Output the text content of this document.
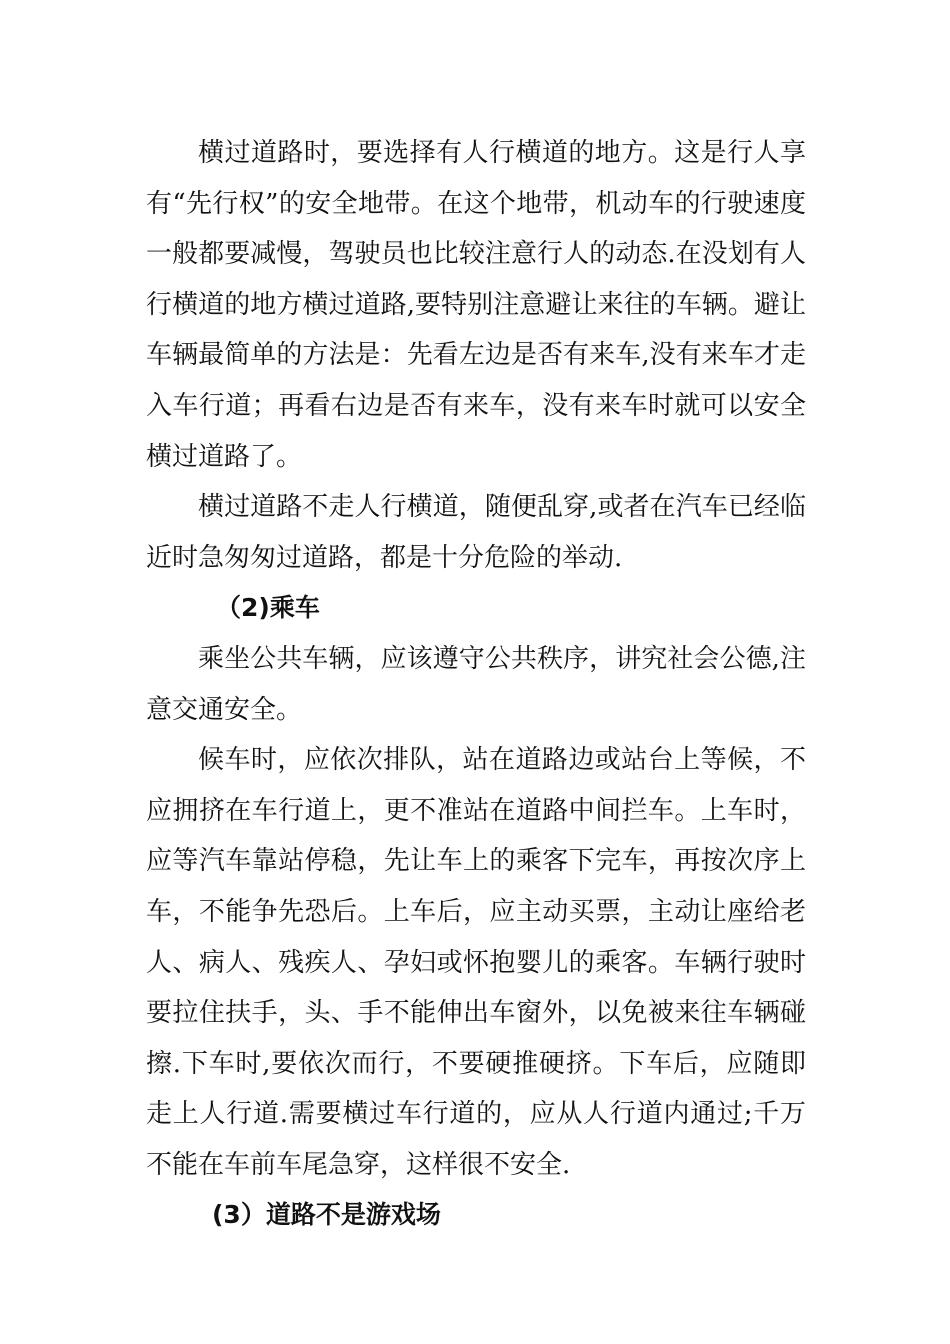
横过道路时，要选择有人行横道的地方。这是行人享有“先行权”的安全地带。在这个地带，机动车的行驶速度一般都要减慢，驾驶员也比较注意行人的动态.在没划有人行横道的地方横过道路,要特别注意避让来往的车辆。避让车辆最简单的方法是：先看左边是否有来车,没有来车才走入车行道；再看右边是否有来车，没有来车时就可以安全横过道路了。

横过道路不走人行横道，随便乱穿,或者在汽车已经临近时急匆匆过道路，都是十分危险的举动.

（2)乘车

乘坐公共车辆，应该遵守公共秩序，讲究社会公德,注意交通安全。

候车时，应依次排队，站在道路边或站台上等候，不应拥挤在车行道上，更不准站在道路中间拦车。上车时，应等汽车靠站停稳，先让车上的乘客下完车，再按次序上车，不能争先恐后。上车后，应主动买票，主动让座给老人、病人、残疾人、孕妇或怀抱婴儿的乘客。车辆行驶时要拉住扶手，头、手不能伸出车窗外，以免被来往车辆碰擦.下车时,要依次而行，不要硬推硬挤。下车后，应随即走上人行道.需要横过车行道的，应从人行道内通过;千万不能在车前车尾急穿，这样很不安全.

(3）道路不是游戏场
